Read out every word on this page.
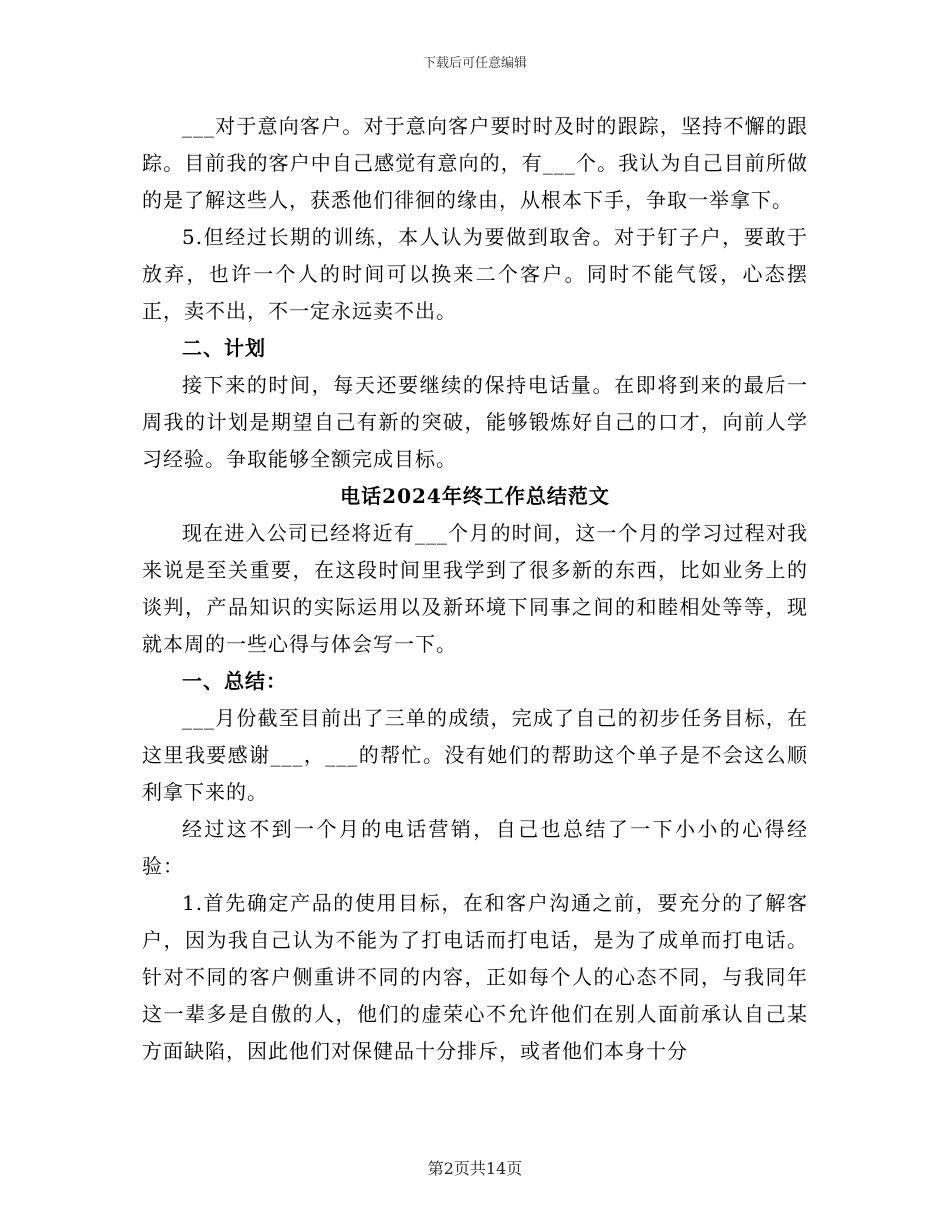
下载后可任意编辑

___对于意向客户。对于意向客户要时时及时的跟踪，坚持不懈的跟踪。目前我的客户中自己感觉有意向的，有___个。我认为自己目前所做的是了解这些人，获悉他们徘徊的缘由，从根本下手，争取一举拿下。

5.但经过长期的训练，本人认为要做到取舍。对于钉子户，要敢于放弃，也许一个人的时间可以换来二个客户。同时不能气馁，心态摆正，卖不出，不一定永远卖不出。

二、计划

接下来的时间，每天还要继续的保持电话量。在即将到来的最后一周我的计划是期望自己有新的突破，能够锻炼好自己的口才，向前人学习经验。争取能够全额完成目标。

电话2024年终工作总结范文

现在进入公司已经将近有___个月的时间，这一个月的学习过程对我来说是至关重要，在这段时间里我学到了很多新的东西，比如业务上的谈判，产品知识的实际运用以及新环境下同事之间的和睦相处等等，现就本周的一些心得与体会写一下。

一、总结：

___月份截至目前出了三单的成绩，完成了自己的初步任务目标，在这里我要感谢___，___的帮忙。没有她们的帮助这个单子是不会这么顺利拿下来的。

经过这不到一个月的电话营销，自己也总结了一下小小的心得经验：

1.首先确定产品的使用目标，在和客户沟通之前，要充分的了解客户，因为我自己认为不能为了打电话而打电话，是为了成单而打电话。针对不同的客户侧重讲不同的内容，正如每个人的心态不同，与我同年这一辈多是自傲的人，他们的虚荣心不允许他们在别人面前承认自己某方面缺陷，因此他们对保健品十分排斥，或者他们本身十分

第2页共14页
